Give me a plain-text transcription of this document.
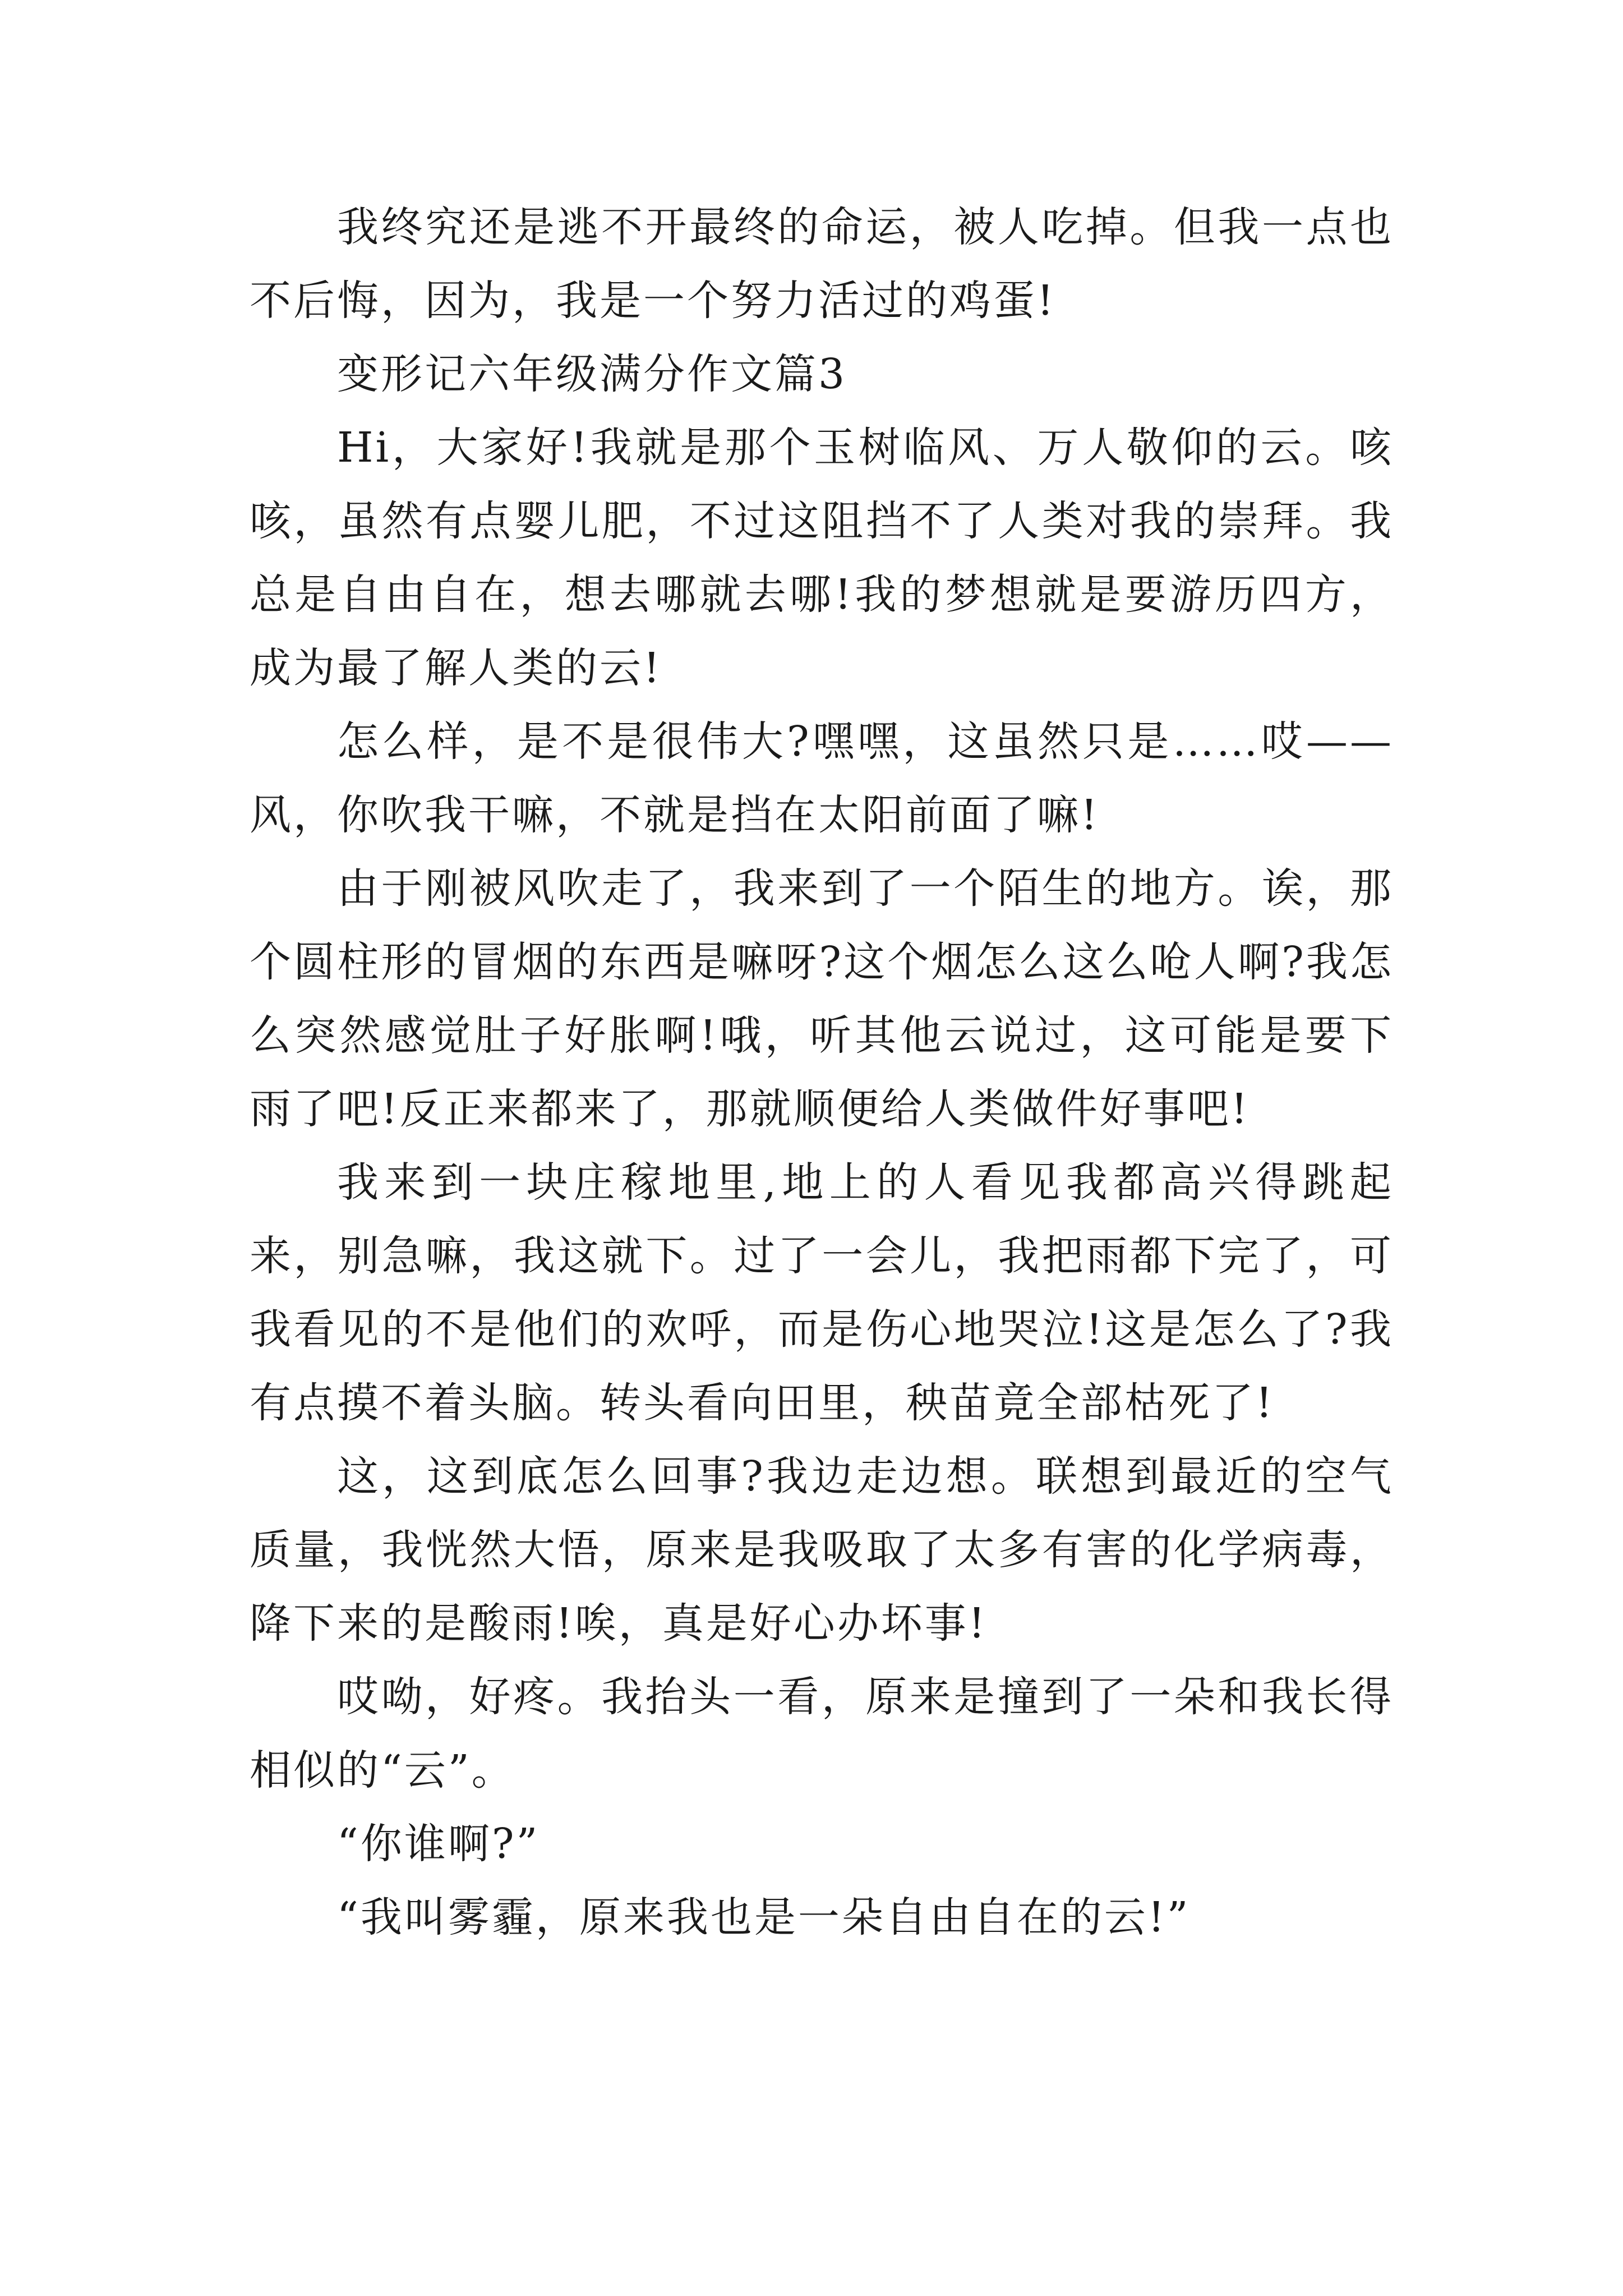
我终究还是逃不开最终的命运，被人吃掉。但我一点也不后悔，因为，我是一个努力活过的鸡蛋!

变形记六年级满分作文篇3

Hi，大家好!我就是那个玉树临风、万人敬仰的云。咳咳，虽然有点婴儿肥，不过这阻挡不了人类对我的崇拜。我总是自由自在，想去哪就去哪!我的梦想就是要游历四方，成为最了解人类的云!

怎么样，是不是很伟大?嘿嘿，这虽然只是……哎——风，你吹我干嘛，不就是挡在太阳前面了嘛!

由于刚被风吹走了，我来到了一个陌生的地方。诶，那个圆柱形的冒烟的东西是嘛呀?这个烟怎么这么呛人啊?我怎么突然感觉肚子好胀啊!哦，听其他云说过，这可能是要下雨了吧!反正来都来了，那就顺便给人类做件好事吧!

我来到一块庄稼地里,地上的人看见我都高兴得跳起来，别急嘛，我这就下。过了一会儿，我把雨都下完了，可我看见的不是他们的欢呼，而是伤心地哭泣!这是怎么了?我有点摸不着头脑。转头看向田里，秧苗竟全部枯死了!

这，这到底怎么回事?我边走边想。联想到最近的空气质量，我恍然大悟，原来是我吸取了太多有害的化学病毒，降下来的是酸雨!唉，真是好心办坏事!

哎呦，好疼。我抬头一看，原来是撞到了一朵和我长得相似的“云”。

“你谁啊?”

“我叫雾霾，原来我也是一朵自由自在的云!”
